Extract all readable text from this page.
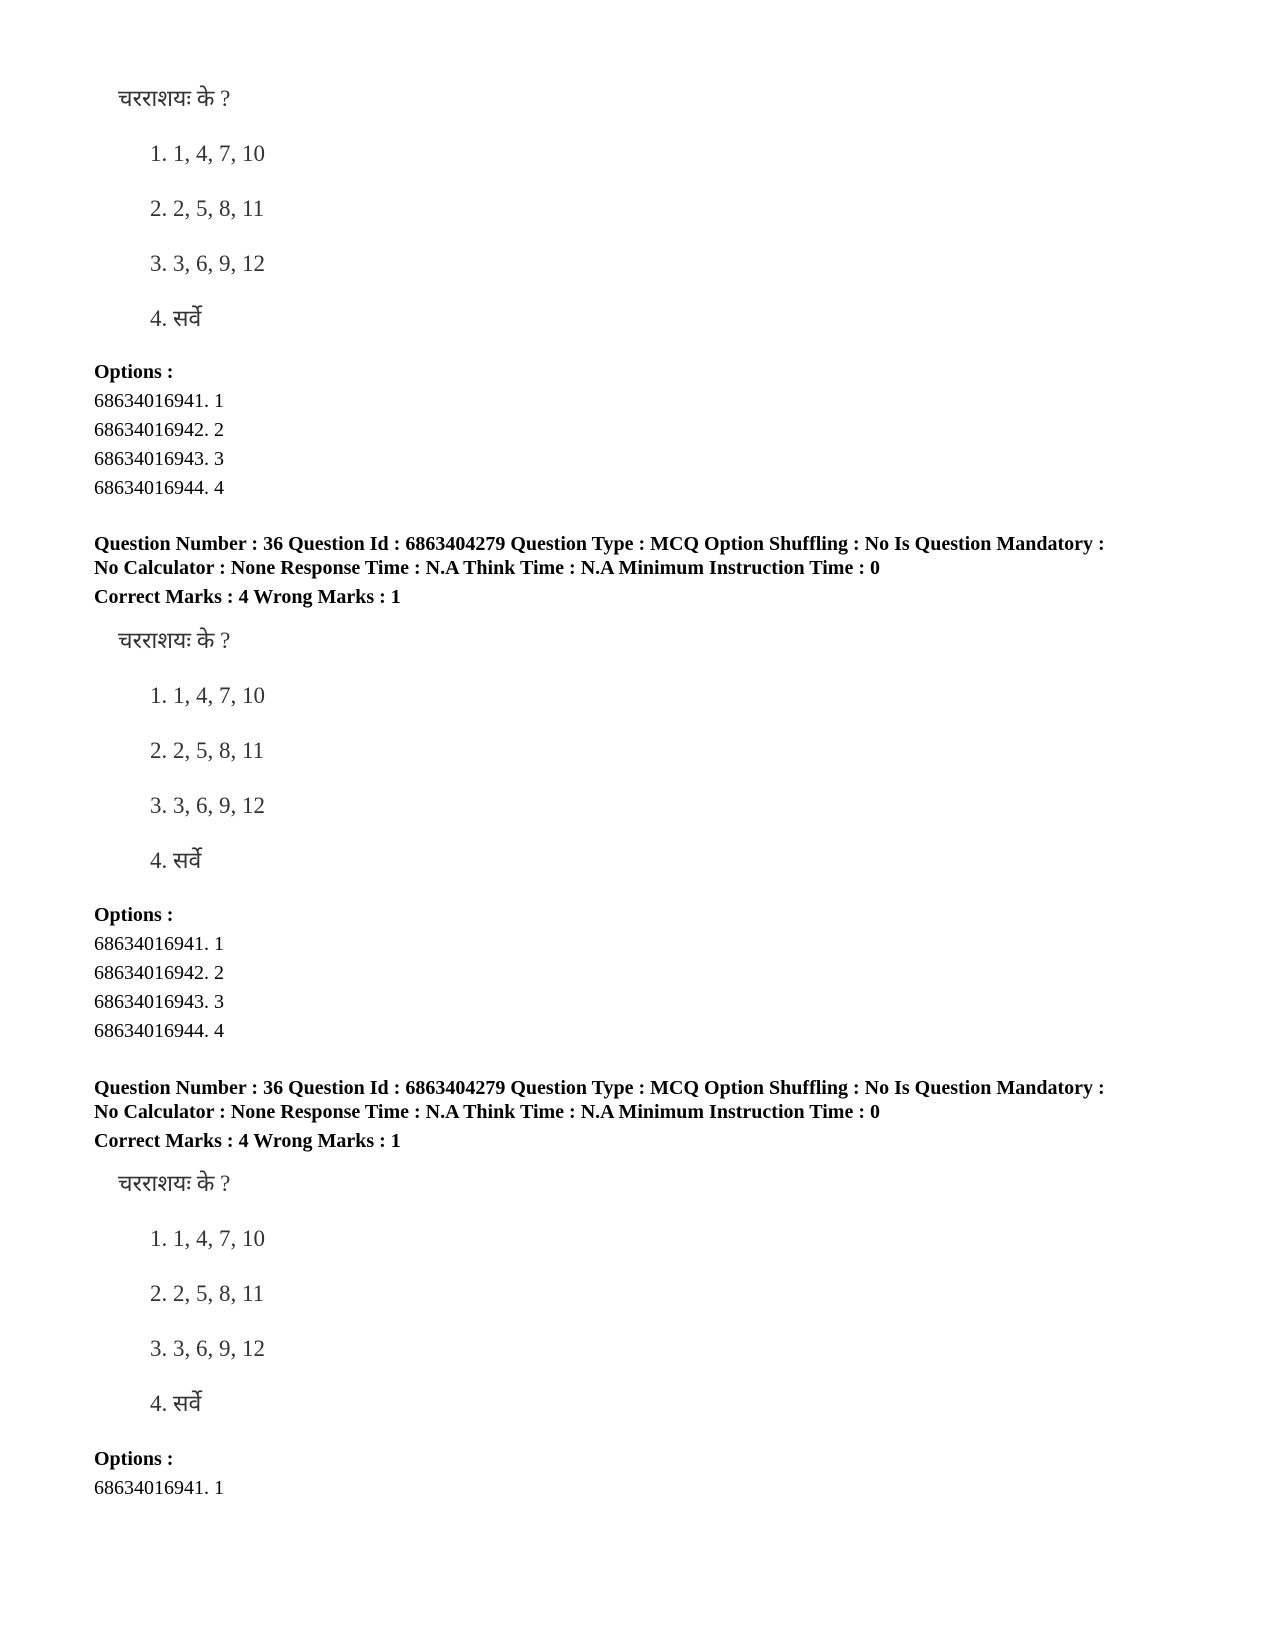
चरराशयः के ?
1. 1, 4, 7, 10
2. 2, 5, 8, 11
3. 3, 6, 9, 12
4. सर्वे
Options :
68634016941. 1
68634016942. 2
68634016943. 3
68634016944. 4
Question Number : 36 Question Id : 6863404279 Question Type : MCQ Option Shuffling : No Is Question Mandatory :
No Calculator : None Response Time : N.A Think Time : N.A Minimum Instruction Time : 0
Correct Marks : 4 Wrong Marks : 1
चरराशयः के ?
1. 1, 4, 7, 10
2. 2, 5, 8, 11
3. 3, 6, 9, 12
4. सर्वे
Options :
68634016941. 1
68634016942. 2
68634016943. 3
68634016944. 4
Question Number : 36 Question Id : 6863404279 Question Type : MCQ Option Shuffling : No Is Question Mandatory :
No Calculator : None Response Time : N.A Think Time : N.A Minimum Instruction Time : 0
Correct Marks : 4 Wrong Marks : 1
चरराशयः के ?
1. 1, 4, 7, 10
2. 2, 5, 8, 11
3. 3, 6, 9, 12
4. सर्वे
Options :
68634016941. 1
